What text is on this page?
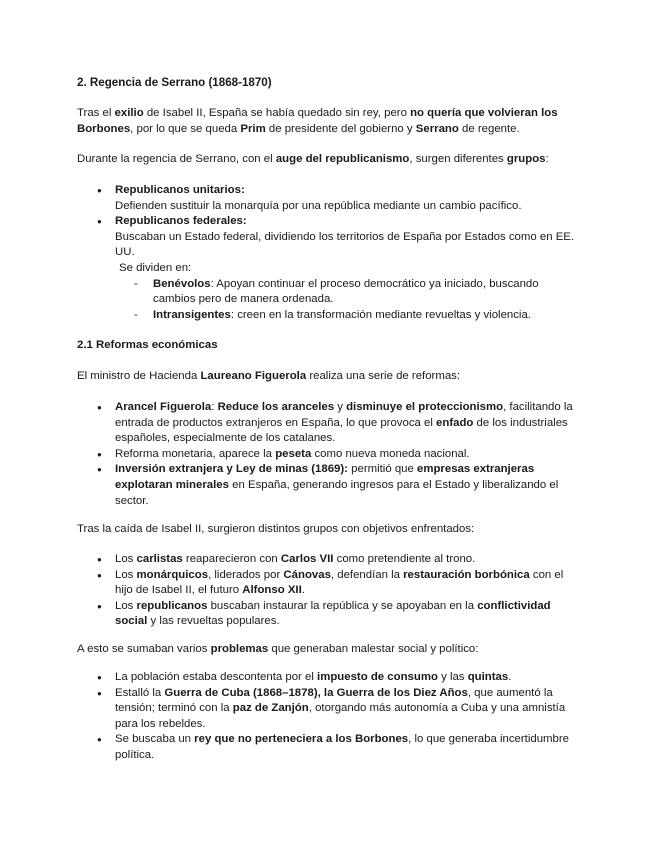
2. Regencia de Serrano (1868-1870)

Tras el exilio de Isabel II, España se había quedado sin rey, pero no quería que volvieran los Borbones, por lo que se queda Prim de presidente del gobierno y Serrano de regente.

Durante la regencia de Serrano, con el auge del republicanismo, surgen diferentes grupos:

● Republicanos unitarios:
Defienden sustituir la monarquía por una república mediante un cambio pacífico.
● Republicanos federales:
Buscaban un Estado federal, dividiendo los territorios de España por Estados como en EE. UU.
Se dividen en:
- Benévolos: Apoyan continuar el proceso democrático ya iniciado, buscando cambios pero de manera ordenada.
- Intransigentes: creen en la transformación mediante revueltas y violencia.
2.1 Reformas económicas

El ministro de Hacienda Laureano Figuerola realiza una serie de reformas:

● Arancel Figuerola: Reduce los aranceles y disminuye el proteccionismo, facilitando la entrada de productos extranjeros en España, lo que provoca el enfado de los industriales españoles, especialmente de los catalanes.
● Reforma monetaria, aparece la peseta como nueva moneda nacional.
● Inversión extranjera y Ley de minas (1869): permitió que empresas extranjeras explotaran minerales en España, generando ingresos para el Estado y liberalizando el sector.

Tras la caída de Isabel II, surgieron distintos grupos con objetivos enfrentados:

● Los carlistas reaparecieron con Carlos VII como pretendiente al trono.
● Los monárquicos, liderados por Cánovas, defendían la restauración borbónica con el hijo de Isabel II, el futuro Alfonso XII.
● Los republicanos buscaban instaurar la república y se apoyaban en la conflictividad social y las revueltas populares.

A esto se sumaban varios problemas que generaban malestar social y político:

● La población estaba descontenta por el impuesto de consumo y las quintas.
● Estalló la Guerra de Cuba (1868–1878), la Guerra de los Diez Años, que aumentó la tensión; terminó con la paz de Zanjón, otorgando más autonomía a Cuba y una amnistía para los rebeldes.
● Se buscaba un rey que no perteneciera a los Borbones, lo que generaba incertidumbre política.
